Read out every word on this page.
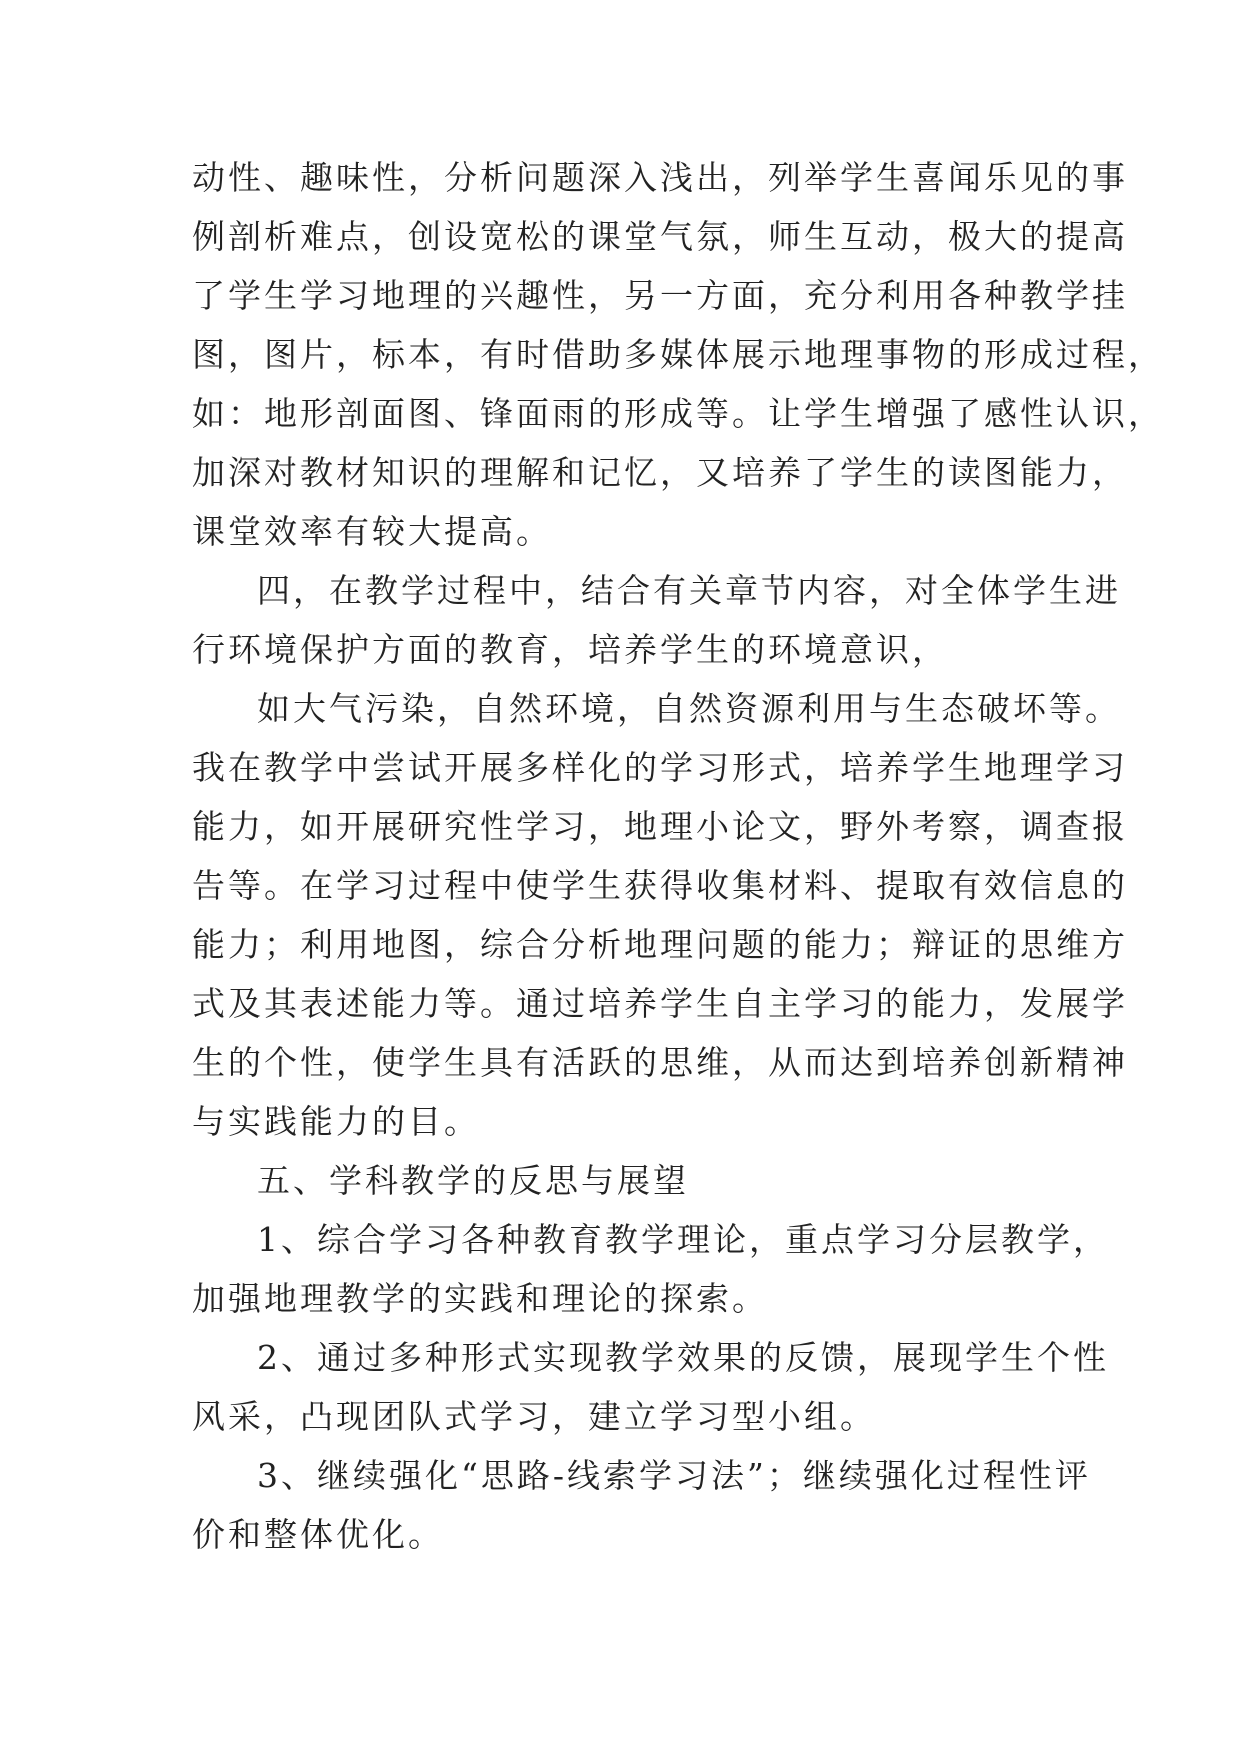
动性、趣味性，分析问题深入浅出，列举学生喜闻乐见的事
例剖析难点，创设宽松的课堂气氛，师生互动，极大的提高
了学生学习地理的兴趣性，另一方面，充分利用各种教学挂
图，图片，标本，有时借助多媒体展示地理事物的形成过程，
如：地形剖面图、锋面雨的形成等。让学生增强了感性认识，
加深对教材知识的理解和记忆，又培养了学生的读图能力，
课堂效率有较大提高。
四，在教学过程中，结合有关章节内容，对全体学生进
行环境保护方面的教育，培养学生的环境意识，
如大气污染，自然环境，自然资源利用与生态破坏等。
我在教学中尝试开展多样化的学习形式，培养学生地理学习
能力，如开展研究性学习，地理小论文，野外考察，调查报
告等。在学习过程中使学生获得收集材料、提取有效信息的
能力；利用地图，综合分析地理问题的能力；辩证的思维方
式及其表述能力等。通过培养学生自主学习的能力，发展学
生的个性，使学生具有活跃的思维，从而达到培养创新精神
与实践能力的目。
五、学科教学的反思与展望
1、综合学习各种教育教学理论，重点学习分层教学，
加强地理教学的实践和理论的探索。
2、通过多种形式实现教学效果的反馈，展现学生个性
风采，凸现团队式学习，建立学习型小组。
3、继续强化“思路-线索学习法”；继续强化过程性评
价和整体优化。
